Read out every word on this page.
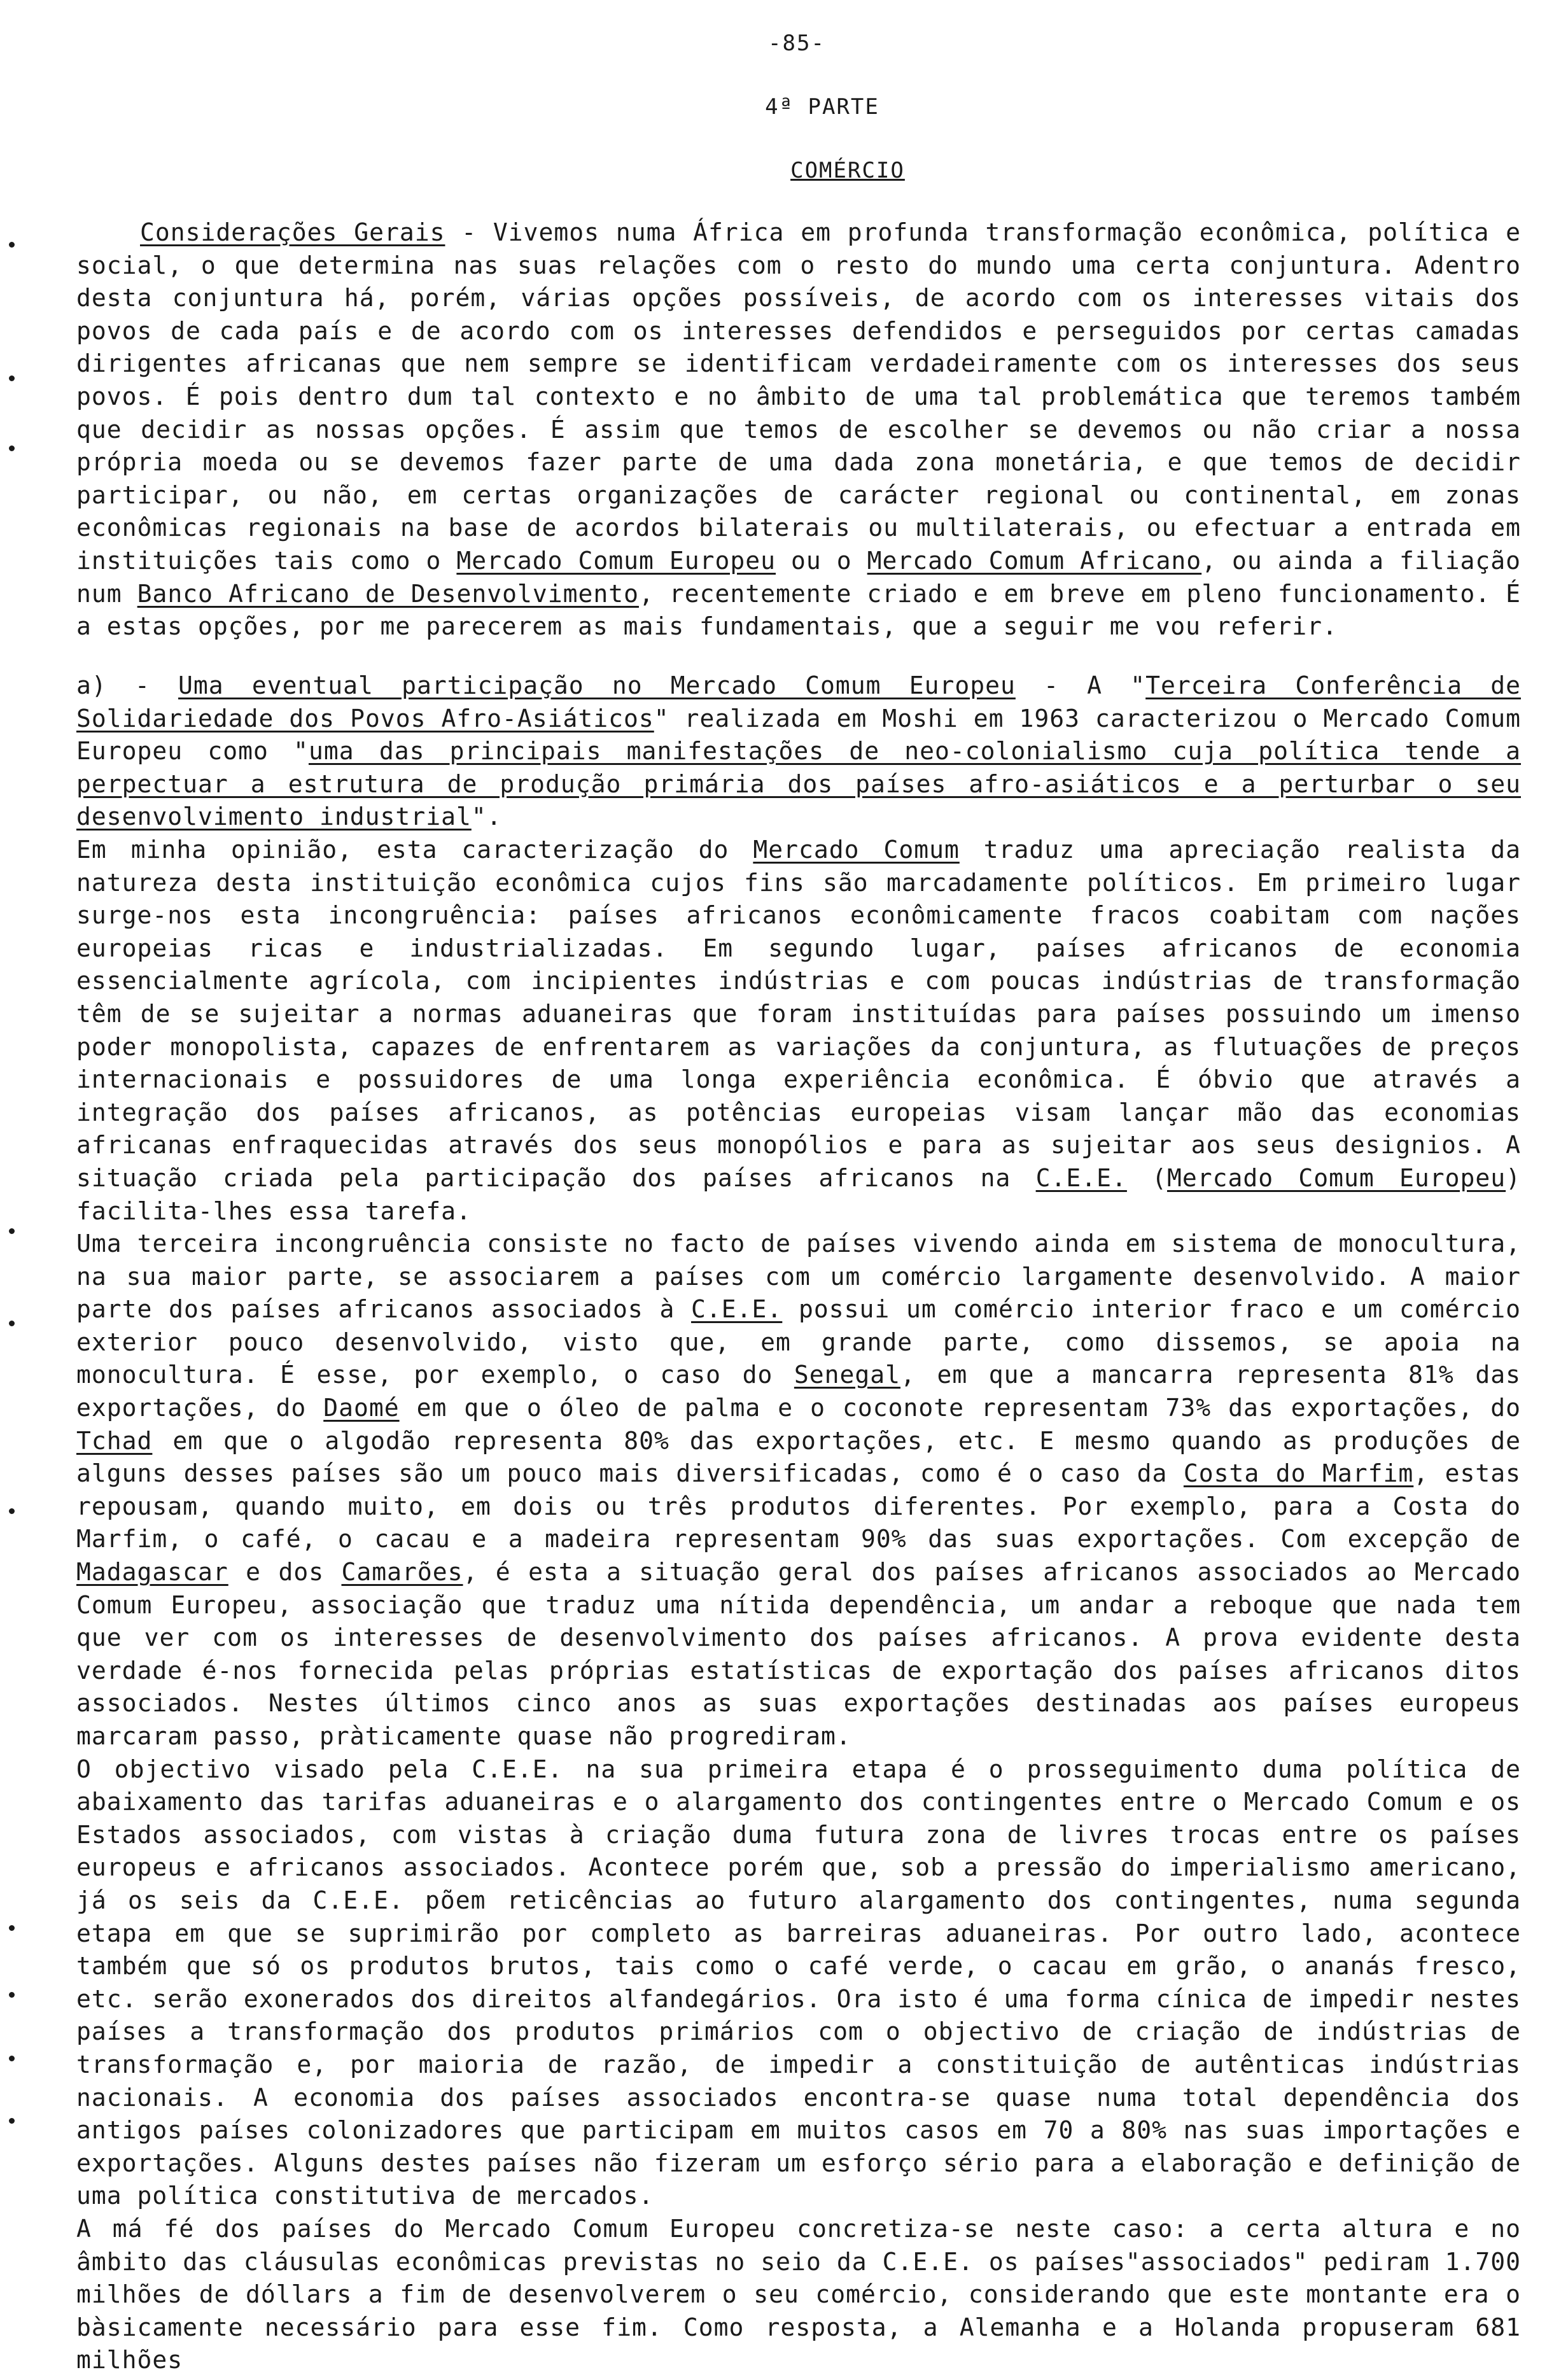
-85-
4ª PARTE
COMÉRCIO

Considerações Gerais - Vivemos numa África em profunda transformação econômica, política e social, o que determina nas suas relações com o resto do mundo uma certa conjuntura. Adentro desta conjuntura há, porém, várias opções possíveis, de acordo com os interesses vitais dos povos de cada país e de acordo com os interesses defendidos e perseguidos por certas camadas dirigentes africanas que nem sempre se identificam verdadeiramente com os interesses dos seus povos. É pois dentro dum tal contexto e no âmbito de uma tal problemática que teremos também que decidir as nossas opções. É assim que temos de escolher se devemos ou não criar a nossa própria moeda ou se devemos fazer parte de uma dada zona monetária, e que temos de decidir participar, ou não, em certas organizações de carácter regional ou continental, em zonas econômicas regionais na base de acordos bilaterais ou multilaterais, ou efectuar a entrada em instituições tais como o Mercado Comum Europeu ou o Mercado Comum Africano, ou ainda a filiação num Banco Africano de Desenvolvimento, recentemente criado e em breve em pleno funcionamento. É a estas opções, por me parecerem as mais fundamentais, que a seguir me vou referir.

a) - Uma eventual participação no Mercado Comum Europeu - A "Terceira Conferência de Solidariedade dos Povos Afro-Asiáticos" realizada em Moshi em 1963 caracterizou o Mercado Comum Europeu como "uma das principais manifestações de neo-colonialismo cuja política tende a perpectuar a estrutura de produção primária dos países afro-asiáticos e a perturbar o seu desenvolvimento industrial".

Em minha opinião, esta caracterização do Mercado Comum traduz uma apreciação realista da natureza desta instituição econômica cujos fins são marcadamente políticos. Em primeiro lugar surge-nos esta incongruência: países africanos econômicamente fracos coabitam com nações europeias ricas e industrializadas. Em segundo lugar, países africanos de economia essencialmente agrícola, com incipientes indústrias e com poucas indústrias de transformação têm de se sujeitar a normas aduaneiras que foram instituídas para países possuindo um imenso poder monopolista, capazes de enfrentarem as variações da conjuntura, as flutuações de preços internacionais e possuidores de uma longa experiência econômica. É óbvio que através a integração dos países africanos, as potências europeias visam lançar mão das economias africanas enfraquecidas através dos seus monopólios e para as sujeitar aos seus designios. A situação criada pela participação dos países africanos na C.E.E. (Mercado Comum Europeu) facilita-lhes essa tarefa.

Uma terceira incongruência consiste no facto de países vivendo ainda em sistema de monocultura, na sua maior parte, se associarem a países com um comércio largamente desenvolvido. A maior parte dos países africanos associados à C.E.E. possui um comércio interior fraco e um comércio exterior pouco desenvolvido, visto que, em grande parte, como dissemos, se apoia na monocultura. É esse, por exemplo, o caso do Senegal, em que a mancarra representa 81% das exportações, do Daomé em que o óleo de palma e o coconote representam 73% das exportações, do Tchad em que o algodão representa 80% das exportações, etc. E mesmo quando as produções de alguns desses países são um pouco mais diversificadas, como é o caso da Costa do Marfim, estas repousam, quando muito, em dois ou três produtos diferentes. Por exemplo, para a Costa do Marfim, o café, o cacau e a madeira representam 90% das suas exportações. Com excepção de Madagascar e dos Camarões, é esta a situação geral dos países africanos associados ao Mercado Comum Europeu, associação que traduz uma nítida dependência, um andar a reboque que nada tem que ver com os interesses de desenvolvimento dos países africanos. A prova evidente desta verdade é-nos fornecida pelas próprias estatísticas de exportação dos países africanos ditos associados. Nestes últimos cinco anos as suas exportações destinadas aos países europeus marcaram passo, pràticamente quase não progrediram.

O objectivo visado pela C.E.E. na sua primeira etapa é o prosseguimento duma política de abaixamento das tarifas aduaneiras e o alargamento dos contingentes entre o Mercado Comum e os Estados associados, com vistas à criação duma futura zona de livres trocas entre os países europeus e africanos associados. Acontece porém que, sob a pressão do imperialismo americano, já os seis da C.E.E. põem reticências ao futuro alargamento dos contingentes, numa segunda etapa em que se suprimirão por completo as barreiras aduaneiras. Por outro lado, acontece também que só os produtos brutos, tais como o café verde, o cacau em grão, o ananás fresco, etc. serão exonerados dos direitos alfandegários. Ora isto é uma forma cínica de impedir nestes países a transformação dos produtos primários com o objectivo de criação de indústrias de transformação e, por maioria de razão, de impedir a constituição de autênticas indústrias nacionais. A economia dos países associados encontra-se quase numa total dependência dos antigos países colonizadores que participam em muitos casos em 70 a 80% nas suas importações e exportações. Alguns destes países não fizeram um esforço sério para a elaboração e definição de uma política constitutiva de mercados.

A má fé dos países do Mercado Comum Europeu concretiza-se neste caso: a certa altura e no âmbito das cláusulas econômicas previstas no seio da C.E.E. os países"associados" pediram 1.700 milhões de dóllars a fim de desenvolverem o seu comércio, considerando que este montante era o bàsicamente necessário para esse fim. Como resposta, a Alemanha e a Holanda propuseram 681 milhões
